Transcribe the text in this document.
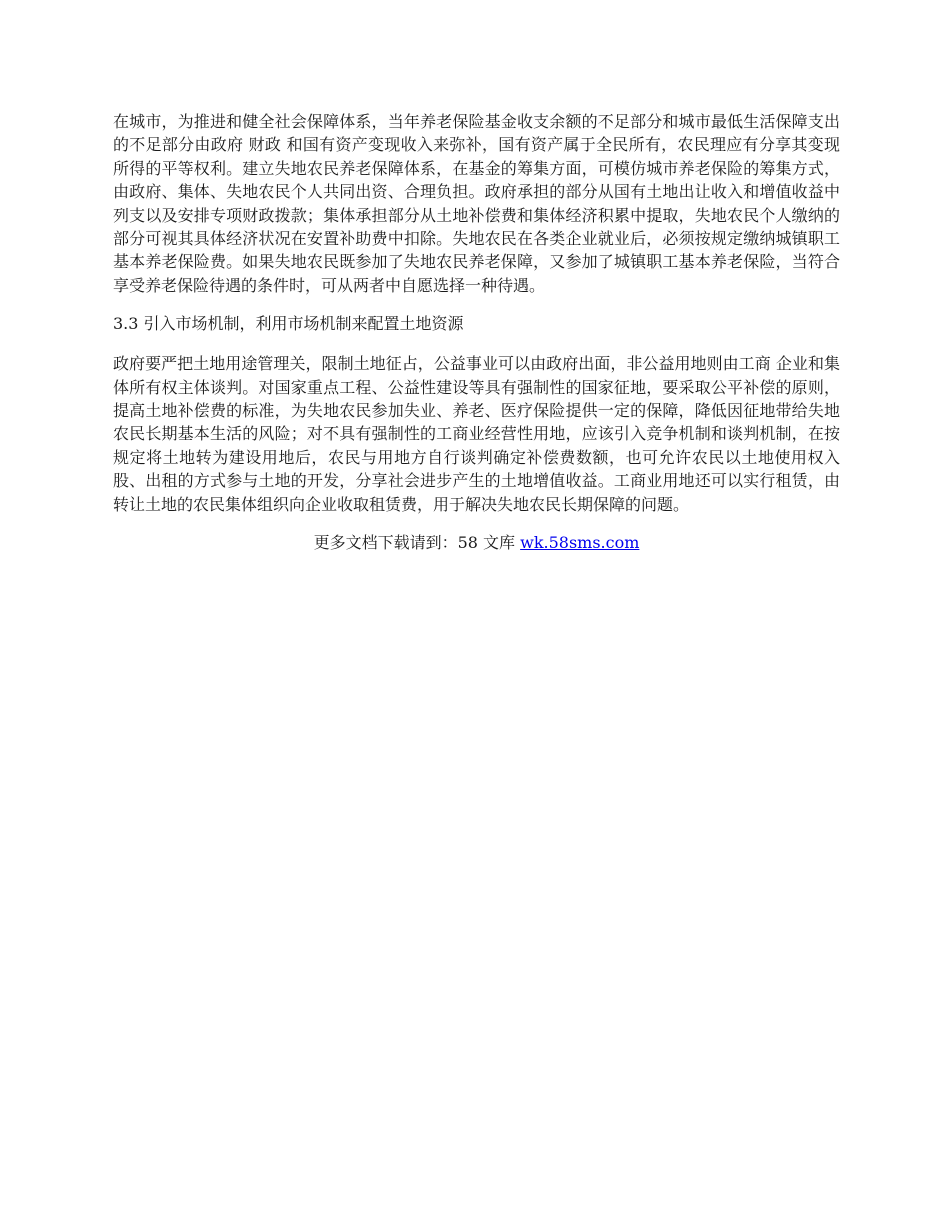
在城市，为推进和健全社会保障体系，当年养老保险基金收支余额的不足部分和城市最低生活保障支出的不足部分由政府 财政 和国有资产变现收入来弥补，国有资产属于全民所有，农民理应有分享其变现所得的平等权利。建立失地农民养老保障体系，在基金的筹集方面，可模仿城市养老保险的筹集方式，由政府、集体、失地农民个人共同出资、合理负担。政府承担的部分从国有土地出让收入和增值收益中列支以及安排专项财政拨款；集体承担部分从土地补偿费和集体经济积累中提取，失地农民个人缴纳的部分可视其具体经济状况在安置补助费中扣除。失地农民在各类企业就业后，必须按规定缴纳城镇职工基本养老保险费。如果失地农民既参加了失地农民养老保障，又参加了城镇职工基本养老保险，当符合享受养老保险待遇的条件时，可从两者中自愿选择一种待遇。

3.3 引入市场机制，利用市场机制来配置土地资源

政府要严把土地用途管理关，限制土地征占，公益事业可以由政府出面，非公益用地则由工商 企业和集体所有权主体谈判。对国家重点工程、公益性建设等具有强制性的国家征地，要采取公平补偿的原则，提高土地补偿费的标准，为失地农民参加失业、养老、医疗保险提供一定的保障，降低因征地带给失地农民长期基本生活的风险；对不具有强制性的工商业经营性用地，应该引入竞争机制和谈判机制，在按规定将土地转为建设用地后，农民与用地方自行谈判确定补偿费数额，也可允许农民以土地使用权入股、出租的方式参与土地的开发，分享社会进步产生的土地增值收益。工商业用地还可以实行租赁，由转让土地的农民集体组织向企业收取租赁费，用于解决失地农民长期保障的问题。

更多文档下载请到：58 文库 wk.58sms.com
